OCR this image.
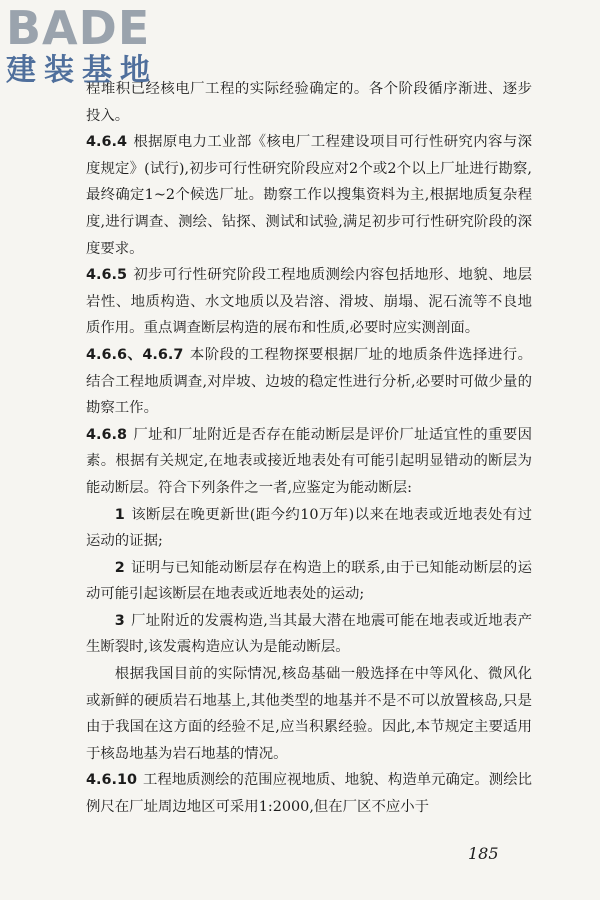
BADE
建装基地

程堆积已经核电厂工程的实际经验确定的。各个阶段循序渐进、逐步投入。

4.6.4 根据原电力工业部《核电厂工程建设项目可行性研究内容与深度规定》(试行),初步可行性研究阶段应对2个或2个以上厂址进行勘察,最终确定1~2个候选厂址。勘察工作以搜集资料为主,根据地质复杂程度,进行调查、测绘、钻探、测试和试验,满足初步可行性研究阶段的深度要求。

4.6.5 初步可行性研究阶段工程地质测绘内容包括地形、地貌、地层岩性、地质构造、水文地质以及岩溶、滑坡、崩塌、泥石流等不良地质作用。重点调查断层构造的展布和性质,必要时应实测剖面。

4.6.6、4.6.7 本阶段的工程物探要根据厂址的地质条件选择进行。结合工程地质调查,对岸坡、边坡的稳定性进行分析,必要时可做少量的勘察工作。

4.6.8 厂址和厂址附近是否存在能动断层是评价厂址适宜性的重要因素。根据有关规定,在地表或接近地表处有可能引起明显错动的断层为能动断层。符合下列条件之一者,应鉴定为能动断层:

1 该断层在晚更新世(距今约10万年)以来在地表或近地表处有过运动的证据;

2 证明与已知能动断层存在构造上的联系,由于已知能动断层的运动可能引起该断层在地表或近地表处的运动;

3 厂址附近的发震构造,当其最大潜在地震可能在地表或近地表产生断裂时,该发震构造应认为是能动断层。

根据我国目前的实际情况,核岛基础一般选择在中等风化、微风化或新鲜的硬质岩石地基上,其他类型的地基并不是不可以放置核岛,只是由于我国在这方面的经验不足,应当积累经验。因此,本节规定主要适用于核岛地基为岩石地基的情况。

4.6.10 工程地质测绘的范围应视地质、地貌、构造单元确定。测绘比例尺在厂址周边地区可采用1:2000,但在厂区不应小于

185
